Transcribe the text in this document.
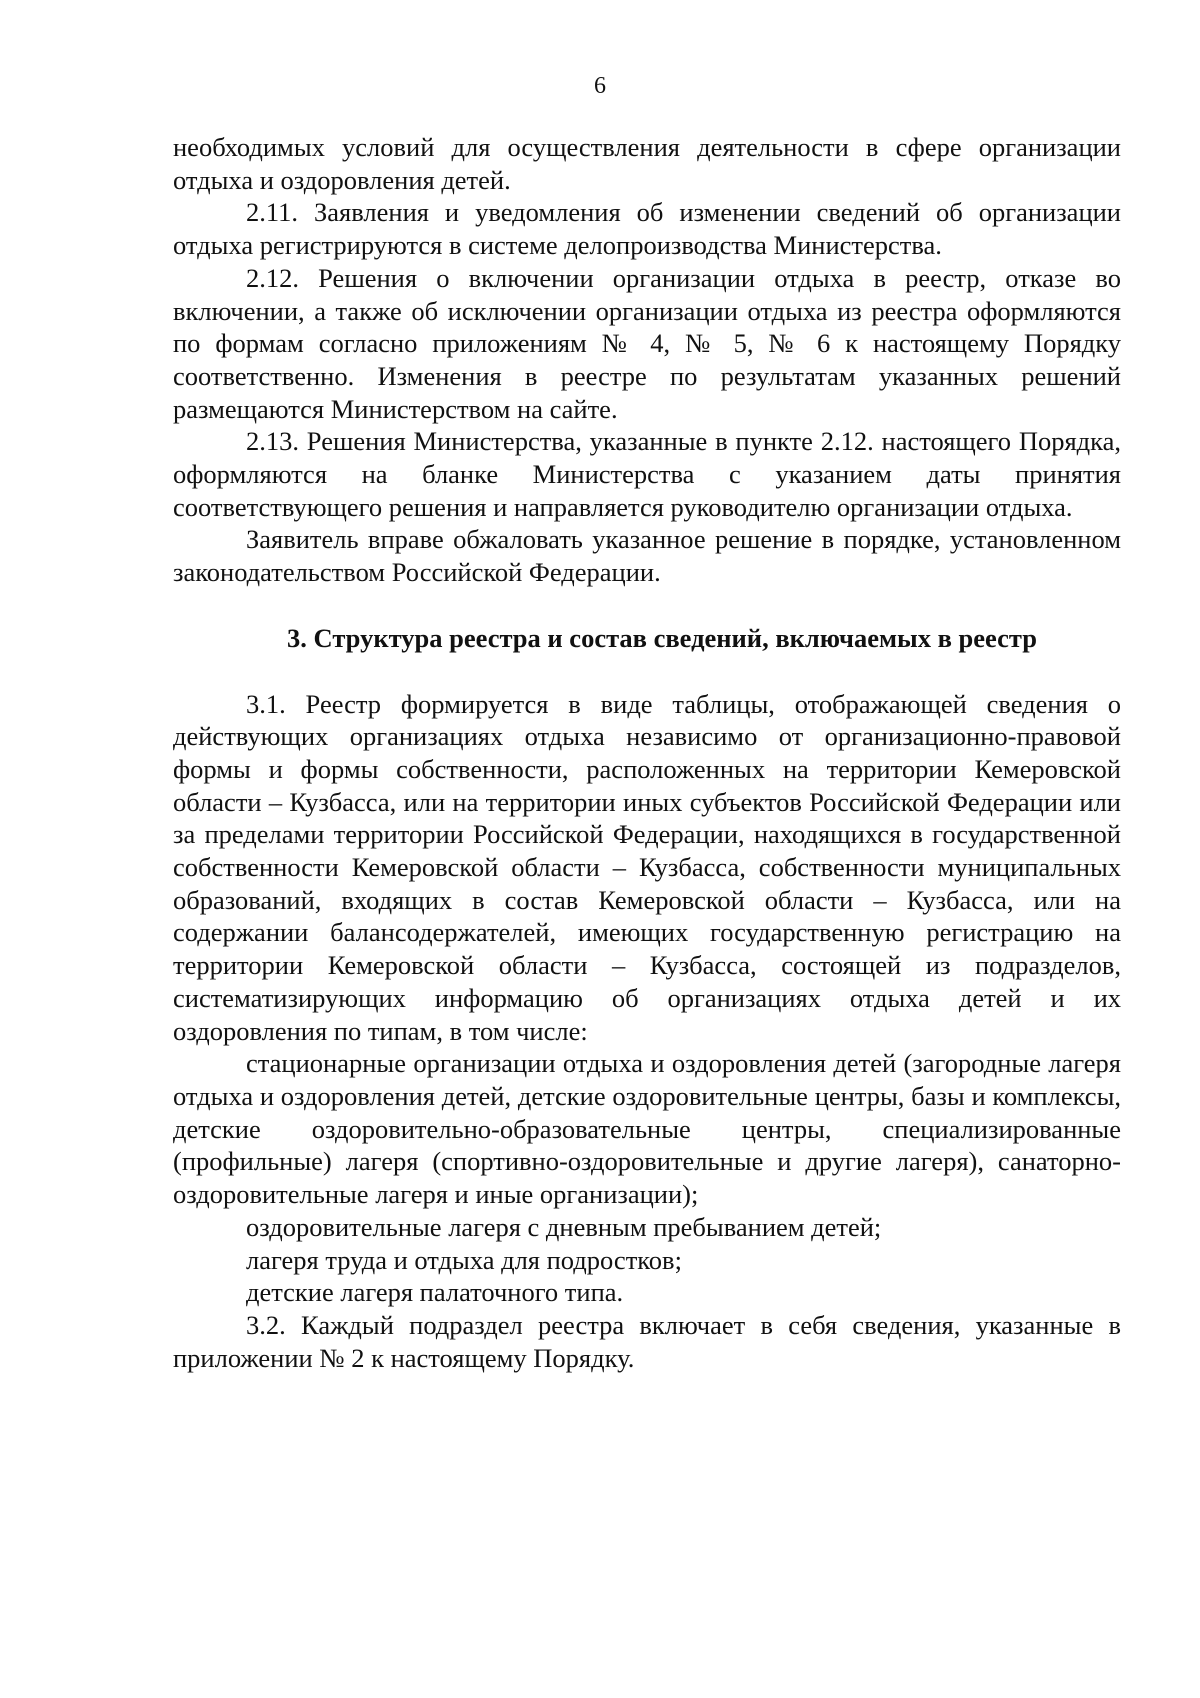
6

необходимых условий для осуществления деятельности в сфере организации отдыха и оздоровления детей.

2.11. Заявления и уведомления об изменении сведений об организации отдыха регистрируются в системе делопроизводства Министерства.

2.12. Решения о включении организации отдыха в реестр, отказе во включении, а также об исключении организации отдыха из реестра оформляются по формам согласно приложениям № 4, № 5, № 6 к настоящему Порядку соответственно. Изменения в реестре по результатам указанных решений размещаются Министерством на сайте.

2.13. Решения Министерства, указанные в пункте 2.12. настоящего Порядка, оформляются на бланке Министерства с указанием даты принятия соответствующего решения и направляется руководителю организации отдыха.

Заявитель вправе обжаловать указанное решение в порядке, установленном законодательством Российской Федерации.

3. Структура реестра и состав сведений, включаемых в реестр

3.1. Реестр формируется в виде таблицы, отображающей сведения о действующих организациях отдыха независимо от организационно-правовой формы и формы собственности, расположенных на территории Кемеровской области – Кузбасса, или на территории иных субъектов Российской Федерации или за пределами территории Российской Федерации, находящихся в государственной собственности Кемеровской области – Кузбасса, собственности муниципальных образований, входящих в состав Кемеровской области – Кузбасса, или на содержании балансодержателей, имеющих государственную регистрацию на территории Кемеровской области – Кузбасса, состоящей из подразделов, систематизирующих информацию об организациях отдыха детей и их оздоровления по типам, в том числе:

стационарные организации отдыха и оздоровления детей (загородные лагеря отдыха и оздоровления детей, детские оздоровительные центры, базы и комплексы, детские оздоровительно-образовательные центры, специализированные (профильные) лагеря (спортивно-оздоровительные и другие лагеря), санаторно-оздоровительные лагеря и иные организации);

оздоровительные лагеря с дневным пребыванием детей;

лагеря труда и отдыха для подростков;

детские лагеря палаточного типа.

3.2. Каждый подраздел реестра включает в себя сведения, указанные в приложении № 2 к настоящему Порядку.
